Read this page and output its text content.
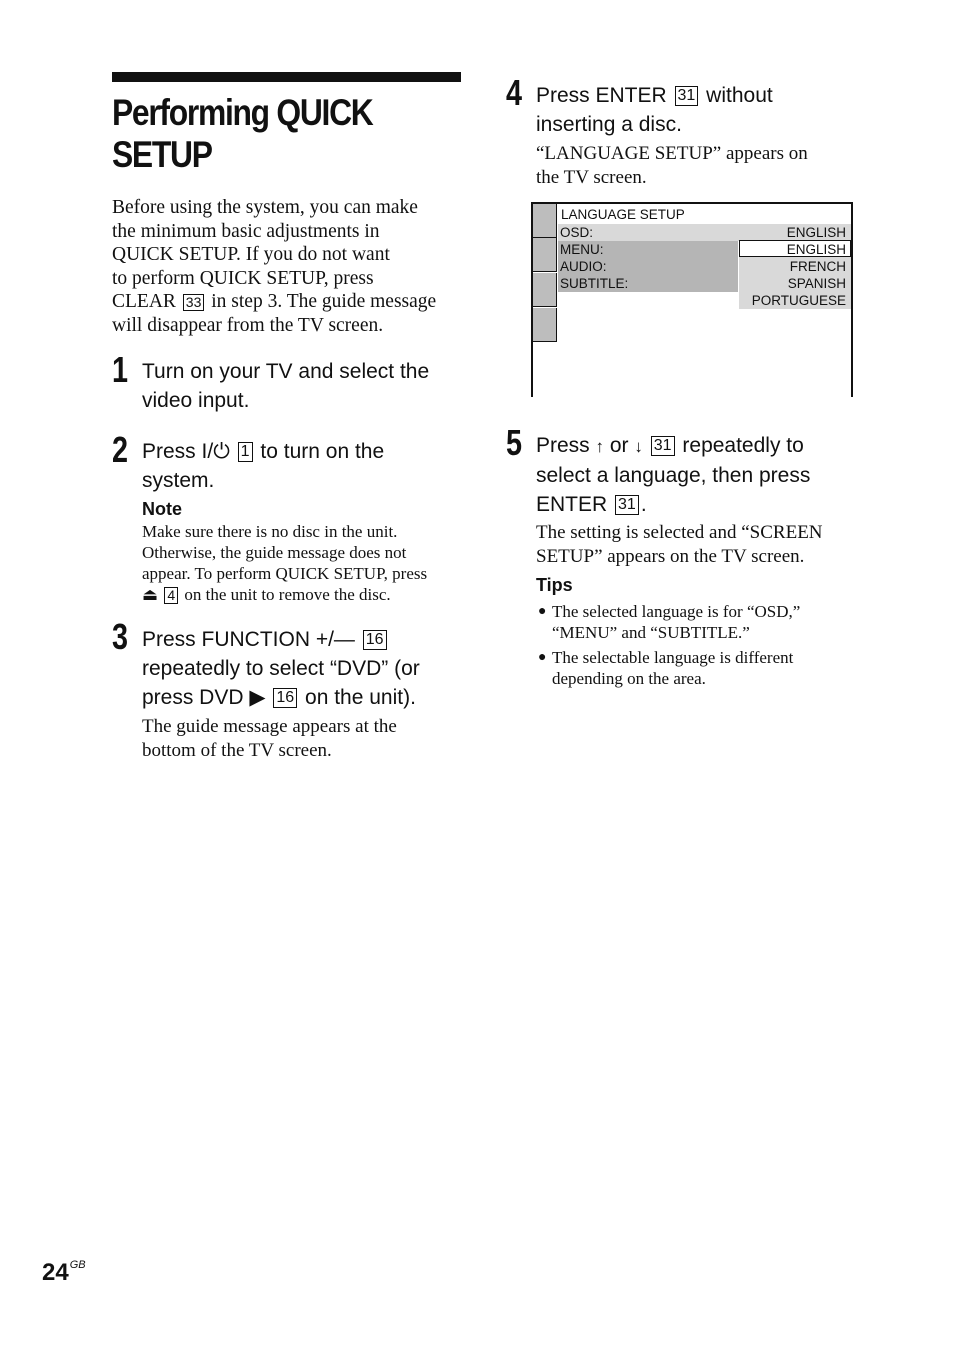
Performing QUICK
SETUP
Before using the system, you can make
the minimum basic adjustments in
QUICK SETUP. If you do not want
to perform QUICK SETUP, press
CLEAR 33 in step 3. The guide message
will disappear from the TV screen.
1 Turn on your TV and select the
video input.
2 Press I/⏻ 1 to turn on the
system.
Note
Make sure there is no disc in the unit.
Otherwise, the guide message does not
appear. To perform QUICK SETUP, press
⏏ 4 on the unit to remove the disc.
3 Press FUNCTION +/— 16
repeatedly to select “DVD” (or
press DVD ▶ 16 on the unit).
The guide message appears at the
bottom of the TV screen.
4 Press ENTER 31 without
inserting a disc.
“LANGUAGE SETUP” appears on
the TV screen.
LANGUAGE SETUP
OSD:
MENU:
AUDIO:
SUBTITLE:
ENGLISH
ENGLISH
FRENCH
SPANISH
PORTUGUESE
5 Press ↑ or ↓ 31 repeatedly to
select a language, then press
ENTER 31 .
The setting is selected and “SCREEN
SETUP” appears on the TV screen.
Tips
● The selected language is for “OSD,”
“MENU” and “SUBTITLE.”
● The selectable language is different
depending on the area.
$24^{GB}$
